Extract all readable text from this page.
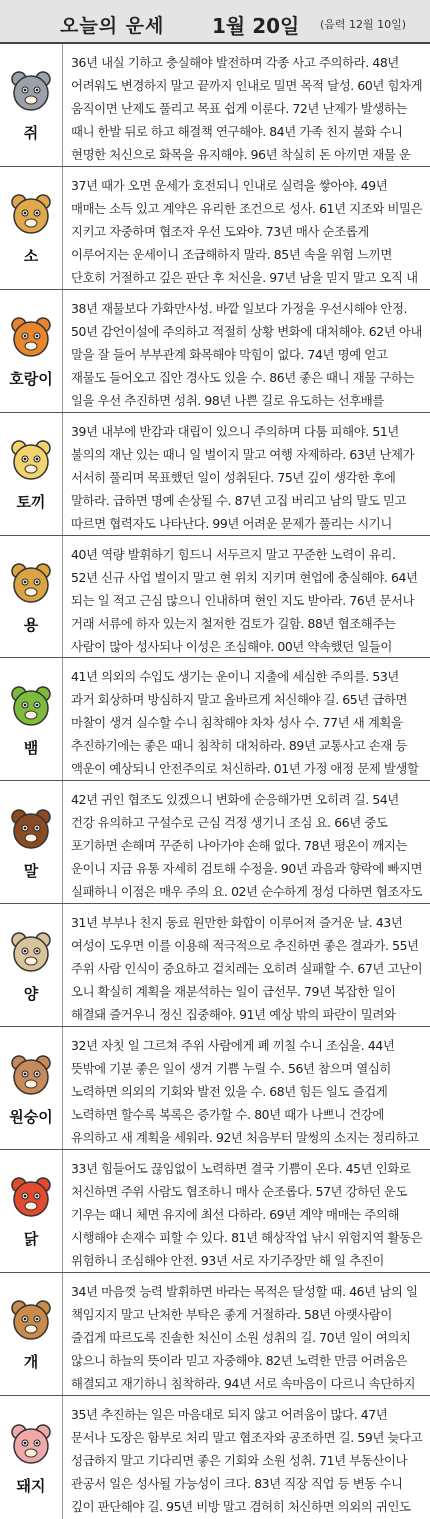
오늘의 운세 1월 20일 (음력 12월 10일)
쥐
36년 내실 기하고 충실해야 발전하며 각종 사고 주의하라. 48년 어려워도 변경하지 말고 끝까지 인내로 밀면 목적 달성. 60년 힘차게 움직이면 난제도 풀리고 목표 쉽게 이룬다. 72년 난제가 발생하는 때니 한발 뒤로 하고 해결책 연구해야. 84년 가족 친지 불화 수니 현명한 처신으로 화목을 유지해야. 96년 착실히 돈 아끼면 재물 운
소
37년 때가 오면 운세가 호전되니 인내로 실력을 쌓아야. 49년 매매는 소득 있고 계약은 유리한 조건으로 성사. 61년 지조와 비밀은 지키고 자중하며 협조자 우선 도와야. 73년 매사 순조롭게 이루어지는 운세이니 조급해하지 말라. 85년 속을 위험 느끼면 단호히 거절하고 깊은 판단 후 처신을. 97년 남을 믿지 말고 오직 내
호랑이
38년 재물보다 가화만사성. 바깥 일보다 가정을 우선시해야 안정. 50년 감언이설에 주의하고 적절히 상황 변화에 대처해야. 62년 아내 말을 잘 들어 부부관계 화목해야 막힘이 없다. 74년 명예 얻고 재물도 들어오고 집안 경사도 있을 수. 86년 좋은 때니 재물 구하는 일을 우선 추진하면 성취. 98년 나쁜 길로 유도하는 선후배를
토끼
39년 내부에 반감과 대립이 있으니 주의하며 다툼 피해야. 51년 불의의 재난 있는 때니 일 벌이지 말고 여행 자제하라. 63년 난제가 서서히 풀리며 목표했던 일이 성취된다. 75년 깊이 생각한 후에 말하라. 급하면 명예 손상될 수. 87년 고집 버리고 남의 말도 믿고 따르면 협력자도 나타난다. 99년 어려운 문제가 풀리는 시기니
용
40년 역량 발휘하기 힘드니 서두르지 말고 꾸준한 노력이 유리. 52년 신규 사업 벌이지 말고 현 위치 지키며 현업에 충실해야. 64년 되는 일 적고 근심 많으니 인내하며 현인 지도 받아라. 76년 문서나 거래 서류에 하자 있는지 철저한 검토가 길함. 88년 협조해주는 사람이 많아 성사되나 이성은 조심해야. 00년 약속했던 일들이
뱀
41년 의외의 수입도 생기는 운이니 지출에 세심한 주의를. 53년 과거 회상하며 방심하지 말고 올바르게 처신해야 길. 65년 급하면 마찰이 생겨 실수할 수니 침착해야 차차 성사 수. 77년 새 계획을 추진하기에는 좋은 때니 침착히 대처하라. 89년 교통사고 손재 등 액운이 예상되니 안전주의로 처신하라. 01년 가정 애정 문제 발생할
말
42년 귀인 협조도 있겠으니 변화에 순응해가면 오히려 길. 54년 건강 유의하고 구설수로 근심 걱정 생기니 조심 요. 66년 중도 포기하면 손해며 꾸준히 나아가야 손해 없다. 78년 평온이 깨지는 운이니 지금 유통 자세히 검토해 수정을. 90년 과음과 향락에 빠지면 실패하니 이점은 매우 주의 요. 02년 순수하게 정성 다하면 협조자도
양
31년 부부나 친지 동료 원만한 화합이 이루어져 즐거운 날. 43년 여성이 도우면 이를 이용해 적극적으로 추진하면 좋은 결과가. 55년 주위 사람 인식이 중요하고 겉치레는 오히려 실패할 수. 67년 고난이 오니 확실히 계획을 재분석하는 일이 급선무. 79년 복잡한 일이 해결돼 즐거우니 정신 집중해야. 91년 예상 밖의 파란이 밀려와
원숭이
32년 자칫 일 그르쳐 주위 사람에게 폐 끼칠 수니 조심을. 44년 뜻밖에 기분 좋은 일이 생겨 기쁨 누릴 수. 56년 참으며 열심히 노력하면 의외의 기회와 발전 있을 수. 68년 힘든 일도 즐겁게 노력하면 할수록 복록은 증가할 수. 80년 때가 나쁘니 건강에 유의하고 새 계획을 세워라. 92년 처음부터 말썽의 소지는 정리하고
닭
33년 힘들어도 끊임없이 노력하면 결국 기쁨이 온다. 45년 인화로 처신하면 주위 사람도 협조하니 매사 순조롭다. 57년 강하던 운도 기우는 때니 체면 유지에 최선 다하라. 69년 계약 매매는 주의해 시행해야 손재수 피할 수 있다. 81년 해상작업 낚시 위험지역 활동은 위험하니 조심해야 안전. 93년 서로 자기주장만 해 일 추진이
개
34년 마음껏 능력 발휘하면 바라는 목적은 달성할 때. 46년 남의 일 책임지지 말고 난처한 부탁은 좋게 거절하라. 58년 아랫사람이 즐겁게 따르도록 진솔한 처신이 소원 성취의 길. 70년 일이 여의치 않으니 하늘의 뜻이라 믿고 자중해야. 82년 노력한 만큼 어려움은 해결되고 재기하니 침착하라. 94년 서로 속마음이 다르니 속단하지
돼지
35년 추진하는 일은 마음대로 되지 않고 어려움이 많다. 47년 문서나 도장은 함부로 처리 말고 협조자와 공조하면 길. 59년 늦다고 성급하지 말고 기다리면 좋은 기회와 소원 성취. 71년 부동산이나 관공서 일은 성사될 가능성이 크다. 83년 직장 직업 등 변동 수니 깊이 판단해야 길. 95년 비방 말고 겸허히 처신하면 의외의 귀인도
